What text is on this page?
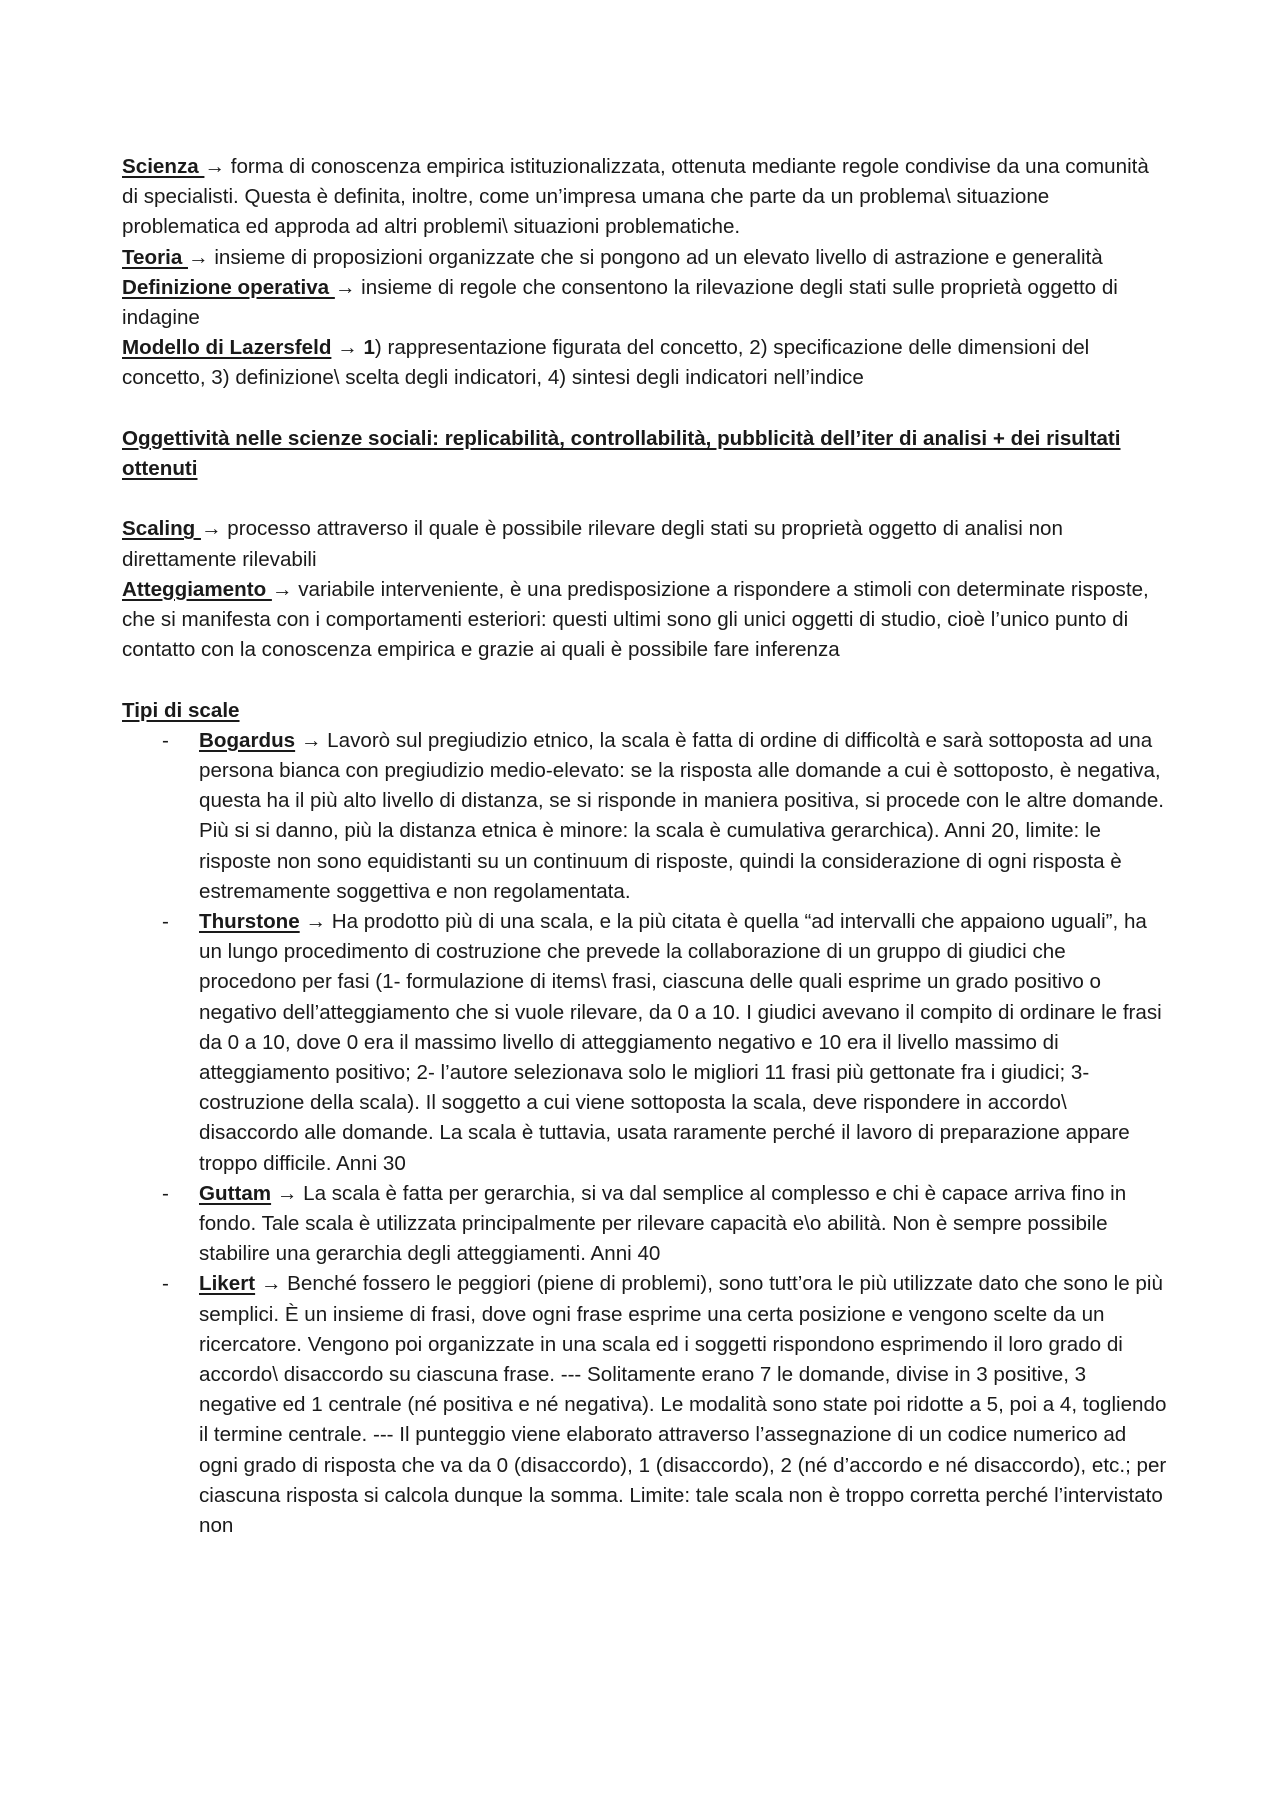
Scienza → forma di conoscenza empirica istituzionalizzata, ottenuta mediante regole condivise da una comunità di specialisti. Questa è definita, inoltre, come un’impresa umana che parte da un problema\ situazione problematica ed approda ad altri problemi\ situazioni problematiche.

Teoria → insieme di proposizioni organizzate che si pongono ad un elevato livello di astrazione e generalità

Definizione operativa → insieme di regole che consentono la rilevazione degli stati sulle proprietà oggetto di indagine

Modello di Lazersfeld → 1) rappresentazione figurata del concetto, 2) specificazione delle dimensioni del concetto, 3) definizione\ scelta degli indicatori, 4) sintesi degli indicatori nell’indice

Oggettività nelle scienze sociali: replicabilità, controllabilità, pubblicità dell’iter di analisi + dei risultati ottenuti

Scaling → processo attraverso il quale è possibile rilevare degli stati su proprietà oggetto di analisi non direttamente rilevabili

Atteggiamento → variabile interveniente, è una predisposizione a rispondere a stimoli con determinate risposte, che si manifesta con i comportamenti esteriori: questi ultimi sono gli unici oggetti di studio, cioè l’unico punto di contatto con la conoscenza empirica e grazie ai quali è possibile fare inferenza

Tipi di scale

- Bogardus → Lavorò sul pregiudizio etnico, la scala è fatta di ordine di difficoltà e sarà sottoposta ad una persona bianca con pregiudizio medio-elevato: se la risposta alle domande a cui è sottoposto, è negativa, questa ha il più alto livello di distanza, se si risponde in maniera positiva, si procede con le altre domande. Più si si danno, più la distanza etnica è minore: la scala è cumulativa gerarchica). Anni 20, limite: le risposte non sono equidistanti su un continuum di risposte, quindi la considerazione di ogni risposta è estremamente soggettiva e non regolamentata.
- Thurstone → Ha prodotto più di una scala, e la più citata è quella “ad intervalli che appaiono uguali”, ha un lungo procedimento di costruzione che prevede la collaborazione di un gruppo di giudici che procedono per fasi (1- formulazione di items\ frasi, ciascuna delle quali esprime un grado positivo o negativo dell’atteggiamento che si vuole rilevare, da 0 a 10. I giudici avevano il compito di ordinare le frasi da 0 a 10, dove 0 era il massimo livello di atteggiamento negativo e 10 era il livello massimo di atteggiamento positivo; 2- l’autore selezionava solo le migliori 11 frasi più gettonate fra i giudici; 3- costruzione della scala). Il soggetto a cui viene sottoposta la scala, deve rispondere in accordo\ disaccordo alle domande. La scala è tuttavia, usata raramente perché il lavoro di preparazione appare troppo difficile. Anni 30
- Guttam → La scala è fatta per gerarchia, si va dal semplice al complesso e chi è capace arriva fino in fondo. Tale scala è utilizzata principalmente per rilevare capacità e\o abilità. Non è sempre possibile stabilire una gerarchia degli atteggiamenti. Anni 40
- Likert → Benché fossero le peggiori (piene di problemi), sono tutt’ora le più utilizzate dato che sono le più semplici. È un insieme di frasi, dove ogni frase esprime una certa posizione e vengono scelte da un ricercatore. Vengono poi organizzate in una scala ed i soggetti rispondono esprimendo il loro grado di accordo\ disaccordo su ciascuna frase. --- Solitamente erano 7 le domande, divise in 3 positive, 3 negative ed 1 centrale (né positiva e né negativa). Le modalità sono state poi ridotte a 5, poi a 4, togliendo il termine centrale. --- Il punteggio viene elaborato attraverso l’assegnazione di un codice numerico ad ogni grado di risposta che va da 0 (disaccordo), 1 (disaccordo), 2 (né d’accordo e né disaccordo), etc.; per ciascuna risposta si calcola dunque la somma. Limite: tale scala non è troppo corretta perché l’intervistato non
